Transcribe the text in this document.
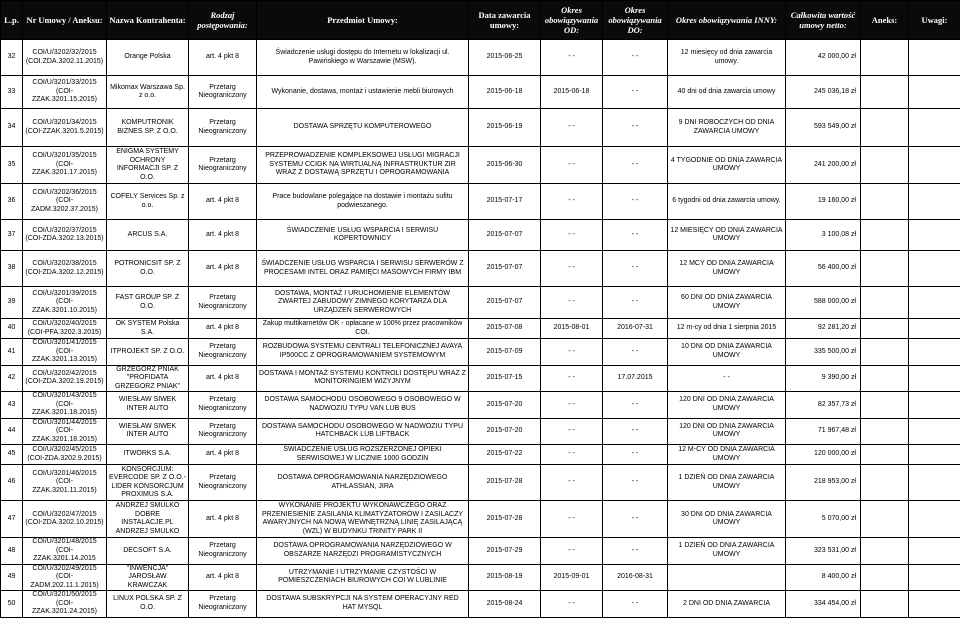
L.p.	Nr Umowy / Aneksu:	Nazwa Kontrahenta:	Rodzaj postępowania:	Przedmiot Umowy:	Data zawarcia umowy:	Okres obowiązywania OD:	Okres obowiązywania DO:	Okres obowiązywania INNY:	Całkowita wartość umowy netto:	Aneks:	Uwagi:
32	COI/U/3202/32/2015 (COI.ZDA.3202.11.2015)	Orange Polska	art. 4 pkt 8	Świadczenie usługi dostępu do Internetu w lokalizacji ul. Pawińskiego w Warszawie (MSW).	2015-06-25	- -	- -	12 miesięcy od dnia zawarcia umowy.	42 000,00 zł		
33	COI/U/3201/33/2015 (COI-ZZAK.3201.15.2015)	Mikomax Warszawa Sp. z o.o.	Przetarg Nieograniczony	Wykonanie, dostawa, montaż i ustawienie mebli biurowych	2015-06-18	2015-06-18	- -	40 dni od dnia zawarcia umowy	245 036,18 zł		
34	COI/U/3201/34/2015 (COI-ZZAK.3201.5.2015)	KOMPUTRONIK BIZNES SP. Z O.O.	Przetarg Nieograniczony	DOSTAWA SPRZĘTU KOMPUTEROWEGO	2015-06-19	- -	- -	9 DNI ROBOCZYCH OD DNIA ZAWARCIA UMOWY	593 549,00 zł		
35	COI/U/3201/35/2015 (COI-ZZAK.3201.17.2015)	ENIGMA SYSTEMY OCHRONY INFORMACJI SP. Z O.O.	Przetarg Nieograniczony	PRZEPROWADZENIE KOMPLEKSOWEJ USŁUGI MIGRACJI SYSTEMU CCIGK NA WIRTUALNĄ INFRASTRUKTUR ZIR WRAZ Z DOSTAWĄ SPRZĘTU I OPROGRAMOWANIA	2015-06-30	- -	- -	4 TYGODNIE OD DNIA ZAWARCIA UMOWY	241 200,00 zł		
36	COI/U/3202/36/2015 (COI-ZADM.3202.37.2015)	COFELY Services Sp. z o.o.	art. 4 pkt 8	Prace budowlane polegające na dostawie i montażu sufitu podwieszanego.	2015-07-17	- -	- -	6 tygodni od dnia zawarcia umowy.	19 160,00 zł		
37	COI/U/3202/37/2015 (COI-ZDA.3202.13.2015)	ARCUS S.A.	art. 4 pkt 8	ŚWIADCZENIE USŁUG WSPARCIA I SERWISU KOPERTOWNICY	2015-07-07	- -	- -	12 MIESIĘCY OD DNIA ZAWARCIA UMOWY	3 100,08 zł		
38	COI/U/3202/38/2015 (COI-ZDA.3202.12.2015)	POTRONICSIT SP. Z O.O.	art. 4 pkt 8	ŚWIADCZENIE USŁUG WSPARCIA I SERWISU SERWERÓW Z PROCESAMI INTEL ORAZ PAMIĘCI MASOWYCH FIRMY IBM	2015-07-07	- -	- -	12 MCY OD DNIA ZAWARCIA UMOWY	56 400,00 zł		
39	COI/U/3201/39/2015 (COI-ZZAK.3201.10.2015)	FAST GROUP SP. Z O.O.	Przetarg Nieograniczony	DOSTAWA, MONTAŻ I URUCHOMIENIE ELEMENTÓW ZWARTEJ ZABUDOWY ZIMNEGO KORYTARZA DLA URZĄDZEŃ SERWEROWYCH	2015-07-07	- -	- -	60 DNI OD DNIA ZAWARCIA UMOWY	588 000,00 zł		
40	COI/U/3202/40/2015 (COI-PFA.3202.3.2015)	OK SYSTEM Polska S.A.	art. 4 pkt 8	Zakup multikarnetów OK - opłacane w 100% przez pracowników COI.	2015-07-08	2015-08-01	2016-07-31	12 m-cy od dnia 1 sierpnia 2015	92 281,20 zł		
41	COI/U/3201/41/2015 (COI-ZZAK.3201.13.2015)	ITPROJEKT SP. Z O.O.	Przetarg Nieograniczony	ROZBUDOWA SYSTEMU CENTRALI TELEFONICZNEJ AVAYA IP500CC Z OPROGRAMOWANIEM SYSTEMOWYM	2015-07-09	- -	- -	10 DNI OD DNIA ZAWARCIA UMOWY	335 500,00 zł		
42	COI/U/3202/42/2015 (COI-ZDA.3202.19.2015)	GRZEGORZ PNIAK "PROFIDATA GRZEGORZ PNIAK"	art. 4 pkt 8	DOSTAWA I MONTAŻ SYSTEMU KONTROLI DOSTĘPU WRAZ Z MONITORINGIEM WIZYJNYM	2015-07-15	- -	17.07.2015	- -	9 390,00 zł		
43	COI/U/3201/43/2015 (COI-ZZAK.3201.18.2015)	WIESŁAW SIWEK INTER AUTO	Przetarg Nieograniczony	DOSTAWA SAMOCHODU OSOBOWEGO 9 OSOBOWEGO W NADWOZIU TYPU VAN LUB BUS	2015-07-20	- -	- -	120 DNI OD DNIA ZAWARCIA UMOWY	82 357,73 zł		
44	COI/U/3201/44/2015 (COI-ZZAK.3201.18.2015)	WIESŁAW SIWEK INTER AUTO	Przetarg Nieograniczony	DOSTAWA SAMOCHODU OSOBOWEGO W NADWOZIU TYPU HATCHBACK LUB LIFTBACK	2015-07-20	- -	- -	120 DNI OD DNIA ZAWARCIA UMOWY	71 967,48 zł		
45	COI/U/3202/45/2015 (COI-ZDA.3202.9.2015)	ITWORKS S.A.	art. 4 pkt 8	ŚWIADCZENIE USŁUG ROZSZERZONEJ OPIEKI SERWISOWEJ W LICZNIE 1000 GODZIN	2015-07-22	- -	- -	12 M-CY OD DNIA ZAWARCIA UMOWY	120 000,00 zł		
46	COI/U/3201/46/2015 (COI-ZZAK.3201.11.2015)	KONSORCJUM: EVERCODE SP. Z O.O.- LIDER KONSORCJUM PROXIMUS S.A.	Przetarg Nieograniczony	DOSTAWA OPROGRAMOWANIA NARZĘDZIOWEGO ATHLASSIAN, JIRA	2015-07-28	- -	- -	1 DZIEŃ OD DNIA ZAWARCIA UMOWY	218 953,00 zł		
47	COI/U/3202/47/2015 (COI-ZDA.3202.10.2015)	ANDRZEJ SMULKO DOBRE INSTALACJE.PL ANDRZEJ SMULKO	art. 4 pkt 8	WYKONANIE PROJEKTU WYKONAWCZEGO ORAZ PRZENIESIENIE ZASILANIA KLIMATYZATORÓW I ZASILACZY AWARYJNYCH NA NOWĄ WEWNĘTRZNĄ LINIĘ ZASILAJĄCĄ (WZL) W BUDYNKU TRINITY PARK II	2015-07-28	- -	- -	30 DNI OD DNIA ZAWARCIA UMOWY	5 070,00 zł		
48	COI/U/3201/48/2015 (COI-ZZAK.3201.14.2015	DECSOFT S.A.	Przetarg Nieograniczony	DOSTAWA OPROGRAMOWANIA NARZĘDZIOWEGO W OBSZARZE NARZĘDZI PROGRAMISTYCZNYCH	2015-07-29	- -	- -	1 DZIEŃ OD DNIA ZAWARCIA UMOWY	323 531,00 zł		
49	COI/U/3202/49/2015 (COI-ZADM.202.11.1.2015)	"INWENCJA" JAROSŁAW KRAWCZAK	art. 4 pkt 8	UTRZYMANIE I UTRZYMANIE CZYSTOŚCI W POMIESZCZENIACH BIUROWYCH COI W LUBLINIE	2015-08-19	2015-09-01	2016-08-31		8 400,00 zł		
50	COI/U/3201/50/2015 (COI-ZZAK.3201.24.2015)	LINUX POLSKA SP. Z O.O.	Przetarg Nieograniczony	DOSTAWA SUBSKRYPCJI NA SYSTEM OPERACYJNY RED HAT MYSQL	2015-08-24	- -	- -	2 DNI OD DNIA ZAWARCIA	334 454,00 zł		
